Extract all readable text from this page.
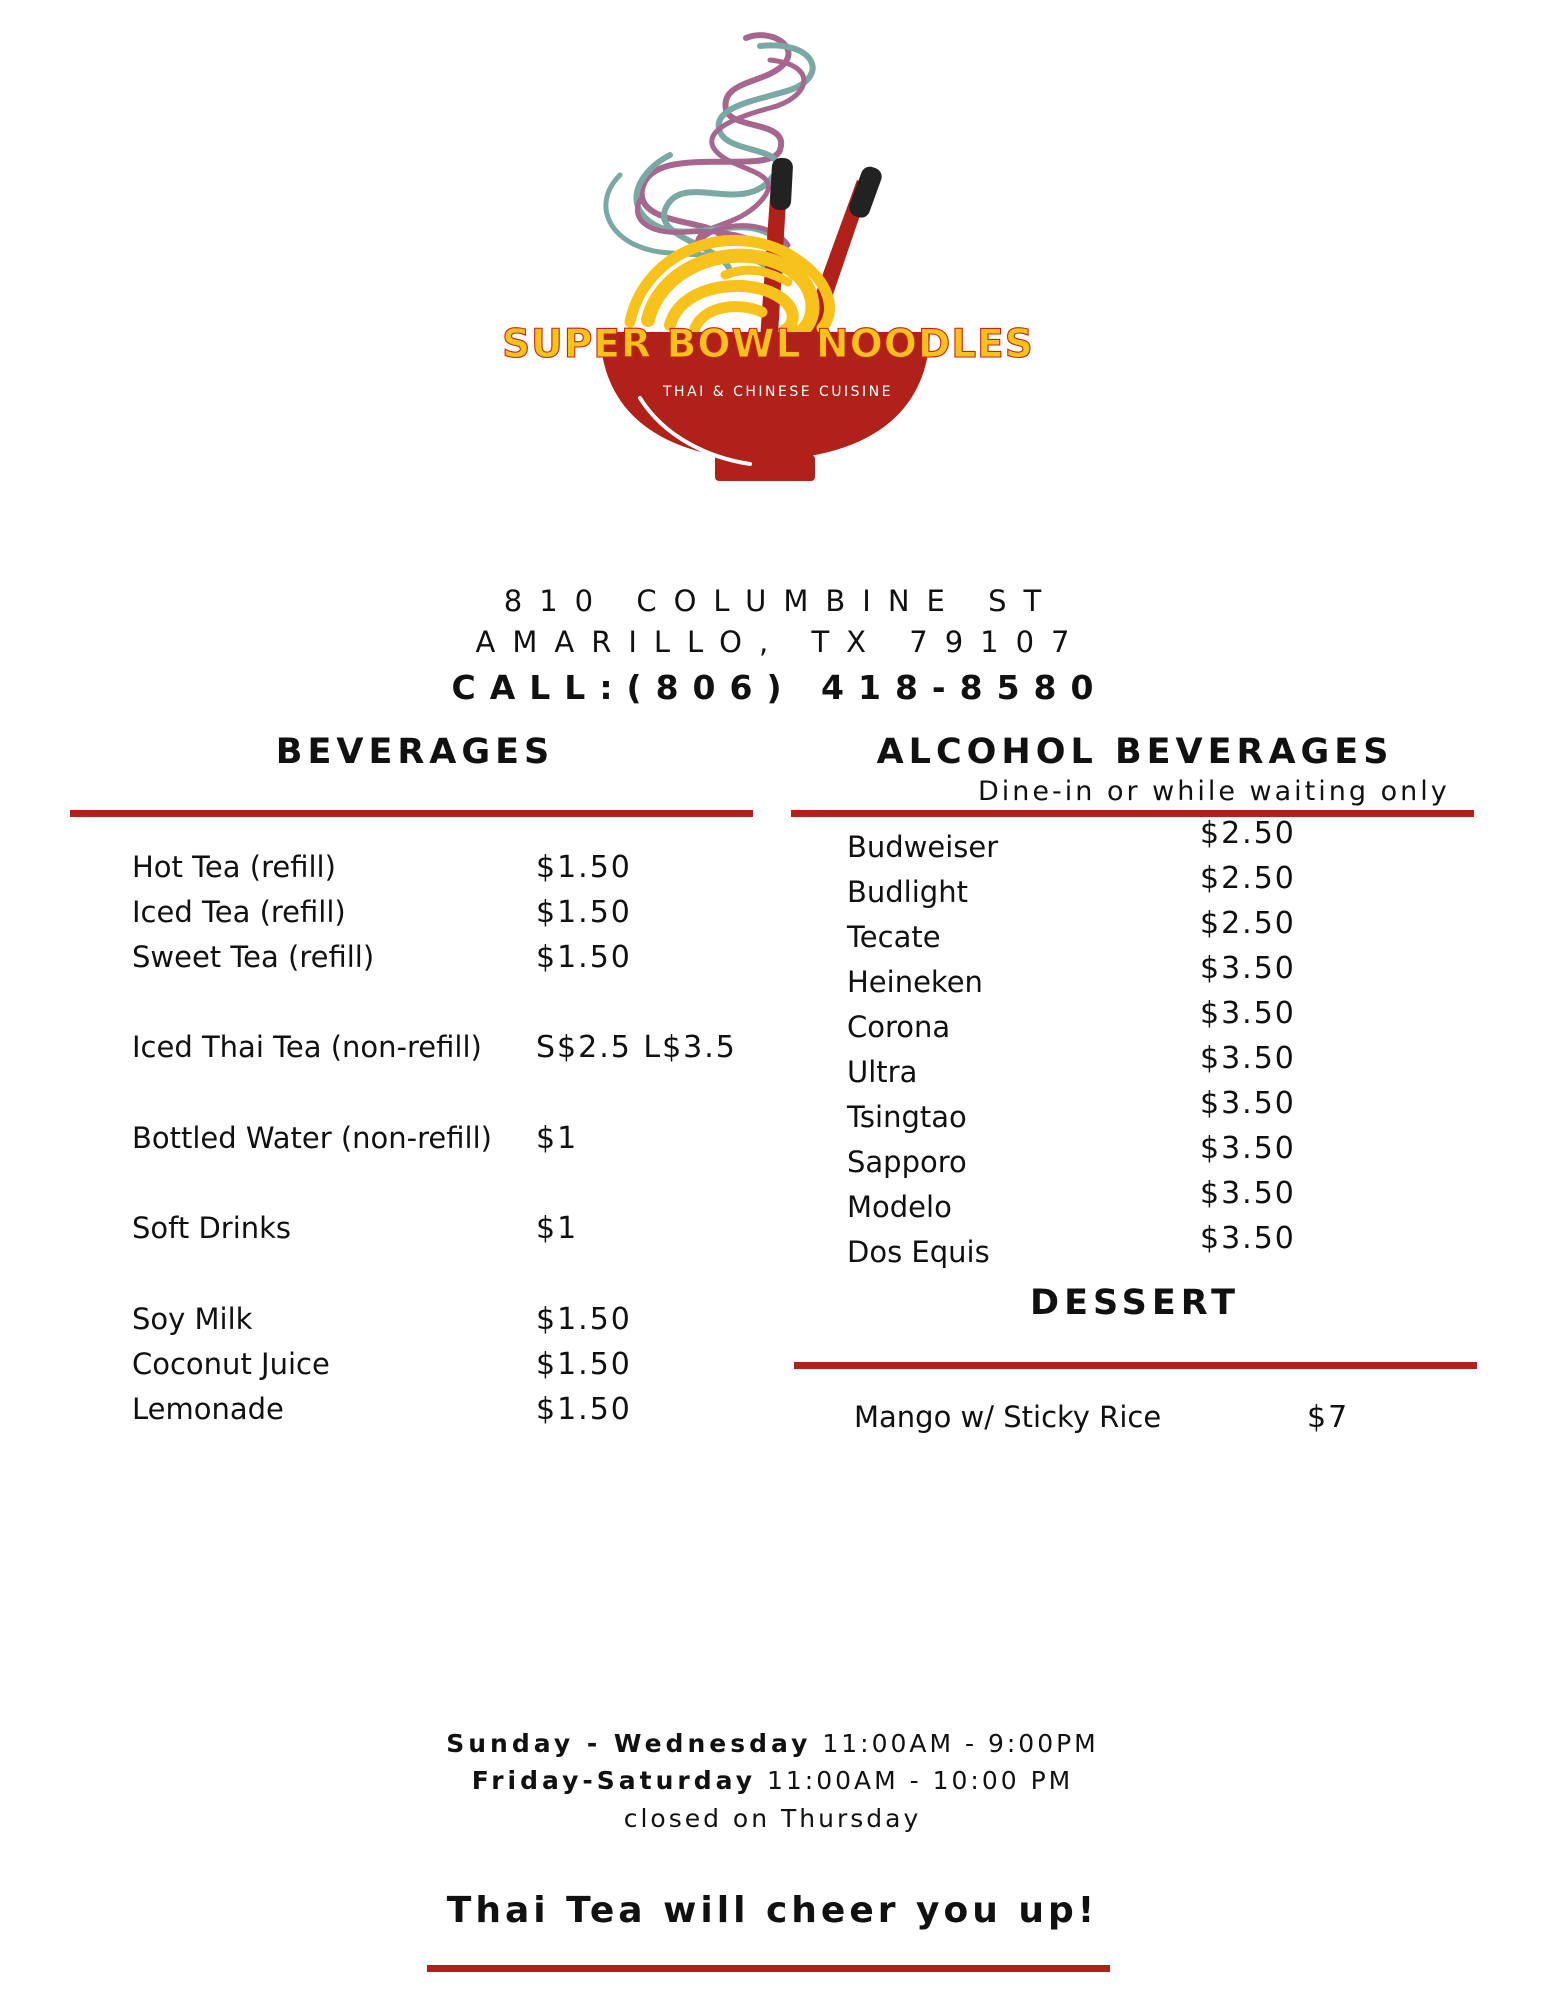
SUPER BOWL NOODLES
THAI & CHINESE CUISINE
810 COLUMBINE ST
AMARILLO, TX 79107
CALL:(806) 418-8580
BEVERAGES
Hot Tea (refill)	$1.50
Iced Tea (refill)	$1.50
Sweet Tea (refill)	$1.50
Iced Thai Tea (non-refill) S$2.5 L$3.5
Bottled Water (non-refill) $1
Soft Drinks	$1
Soy Milk	$1.50
Coconut Juice	$1.50
Lemonade	$1.50
ALCOHOL BEVERAGES
Dine-in or while waiting only
Budweiser	$2.50
Budlight	$2.50
Tecate	$2.50
Heineken	$3.50
Corona	$3.50
Ultra	$3.50
Tsingtao	$3.50
Sapporo	$3.50
Modelo	$3.50
Dos Equis	$3.50
DESSERT
Mango w/ Sticky Rice	$7
Sunday - Wednesday 11:00AM - 9:00PM
Friday-Saturday 11:00AM - 10:00 PM
closed on Thursday
Thai Tea will cheer you up!
